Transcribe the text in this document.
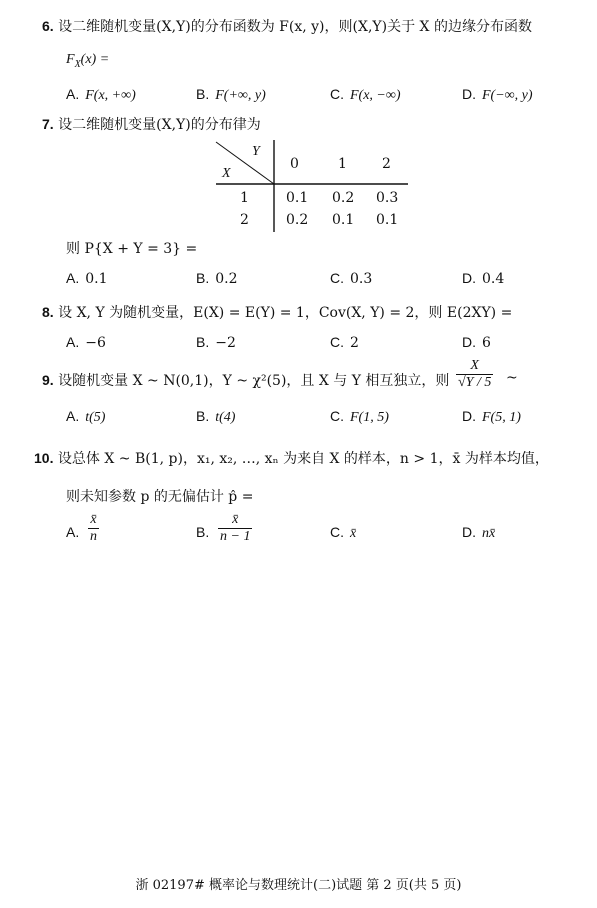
6. 设二维随机变量(X,Y)的分布函数为 F(x, y)，则(X,Y)关于 X 的边缘分布函数
$F_X(x)$ =
A. F(x, +∞)	B. F(+∞, y)	C. F(x, −∞)	D. F(−∞, y)
7. 设二维随机变量(X,Y)的分布律为
Y
X
0	1	2
1	0.1 0.2 0.3
2	0.2 0.1 0.1
则 P{X + Y = 3} =
A. 0.1	B. 0.2	C. 0.3	D. 0.4
8. 设 X, Y 为随机变量，E(X) = E(Y) = 1，Cov(X, Y) = 2，则 E(2XY) =
A. −6	B. −2	C. 2	D. 6
9. 设随机变量 X ~ N(0,1)，Y ~ χ²(5)，且 X 与 Y 相互独立，则
X
√Y / 5 ~
A. t(5)	B. t(4)	C. F(1, 5)	D. F(5, 1)
10. 设总体 X ~ B(1, p)，x₁, x₂, …, xₙ 为来自 X 的样本，n > 1，x̄ 为样本均值，
则未知参数 p 的无偏估计 p̂ =
A.
x̄
n	B.
x̄
n − 1	C. x̄	D. nx̄
浙 02197# 概率论与数理统计(二)试题 第 2 页(共 5 页)
